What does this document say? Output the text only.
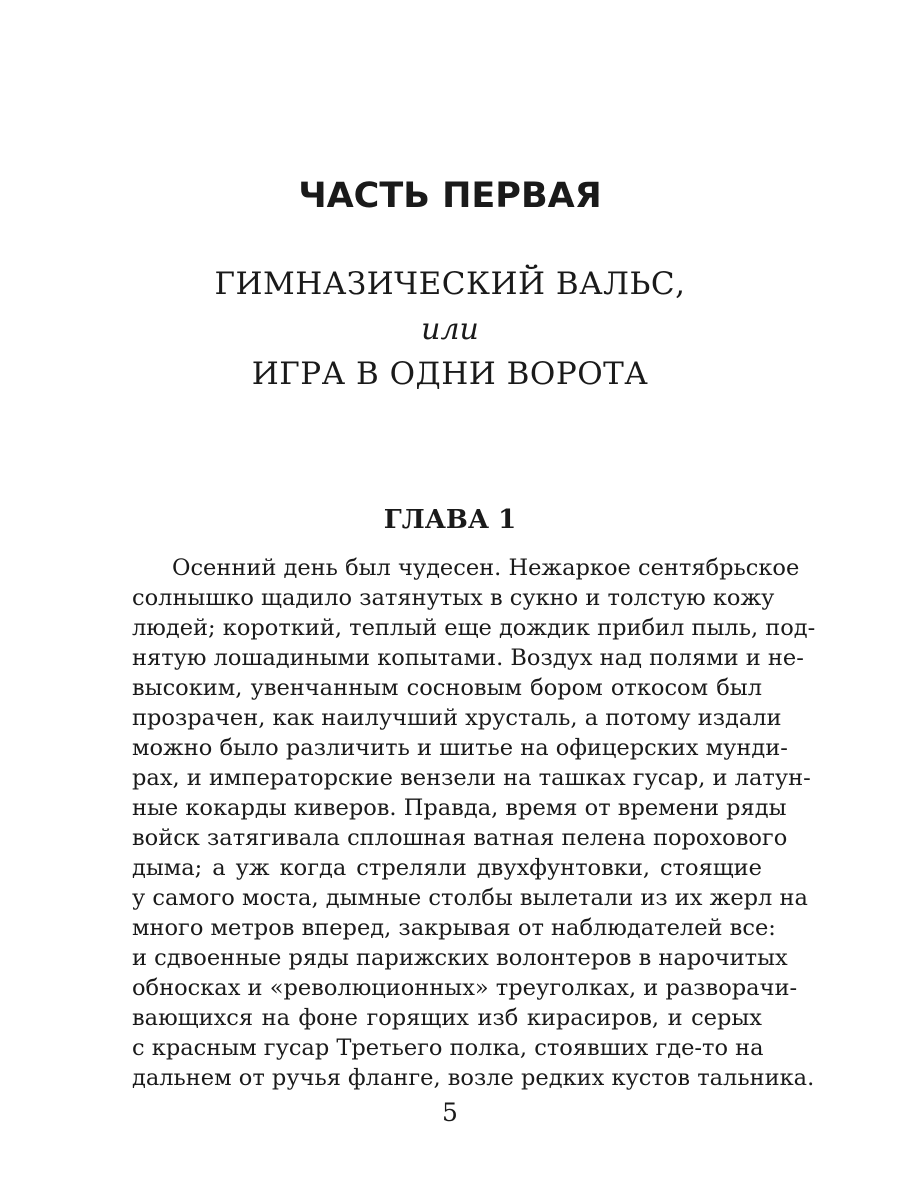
ЧАСТЬ ПЕРВАЯ
ГИМНАЗИЧЕСКИЙ ВАЛЬС,
или
ИГРА В ОДНИ ВОРОТА
ГЛАВА 1
Осенний день был чудесен. Нежаркое сентябрьское
солнышко щадило затянутых в сукно и толстую кожу
людей; короткий, теплый еще дождик прибил пыль, под-
нятую лошадиными копытами. Воздух над полями и не-
высоким, увенчанным сосновым бором откосом был
прозрачен, как наилучший хрусталь, а потому издали
можно было различить и шитье на офицерских мунди-
рах, и императорские вензели на ташках гусар, и латун-
ные кокарды киверов. Правда, время от времени ряды
войск затягивала сплошная ватная пелена порохового
дыма; а уж когда стреляли двухфунтовки, стоящие
у самого моста, дымные столбы вылетали из их жерл на
много метров вперед, закрывая от наблюдателей все:
и сдвоенные ряды парижских волонтеров в нарочитых
обносках и «революционных» треуголках, и разворачи-
вающихся на фоне горящих изб кирасиров, и серых
с красным гусар Третьего полка, стоявших где-то на
дальнем от ручья фланге, возле редких кустов тальника.
5
